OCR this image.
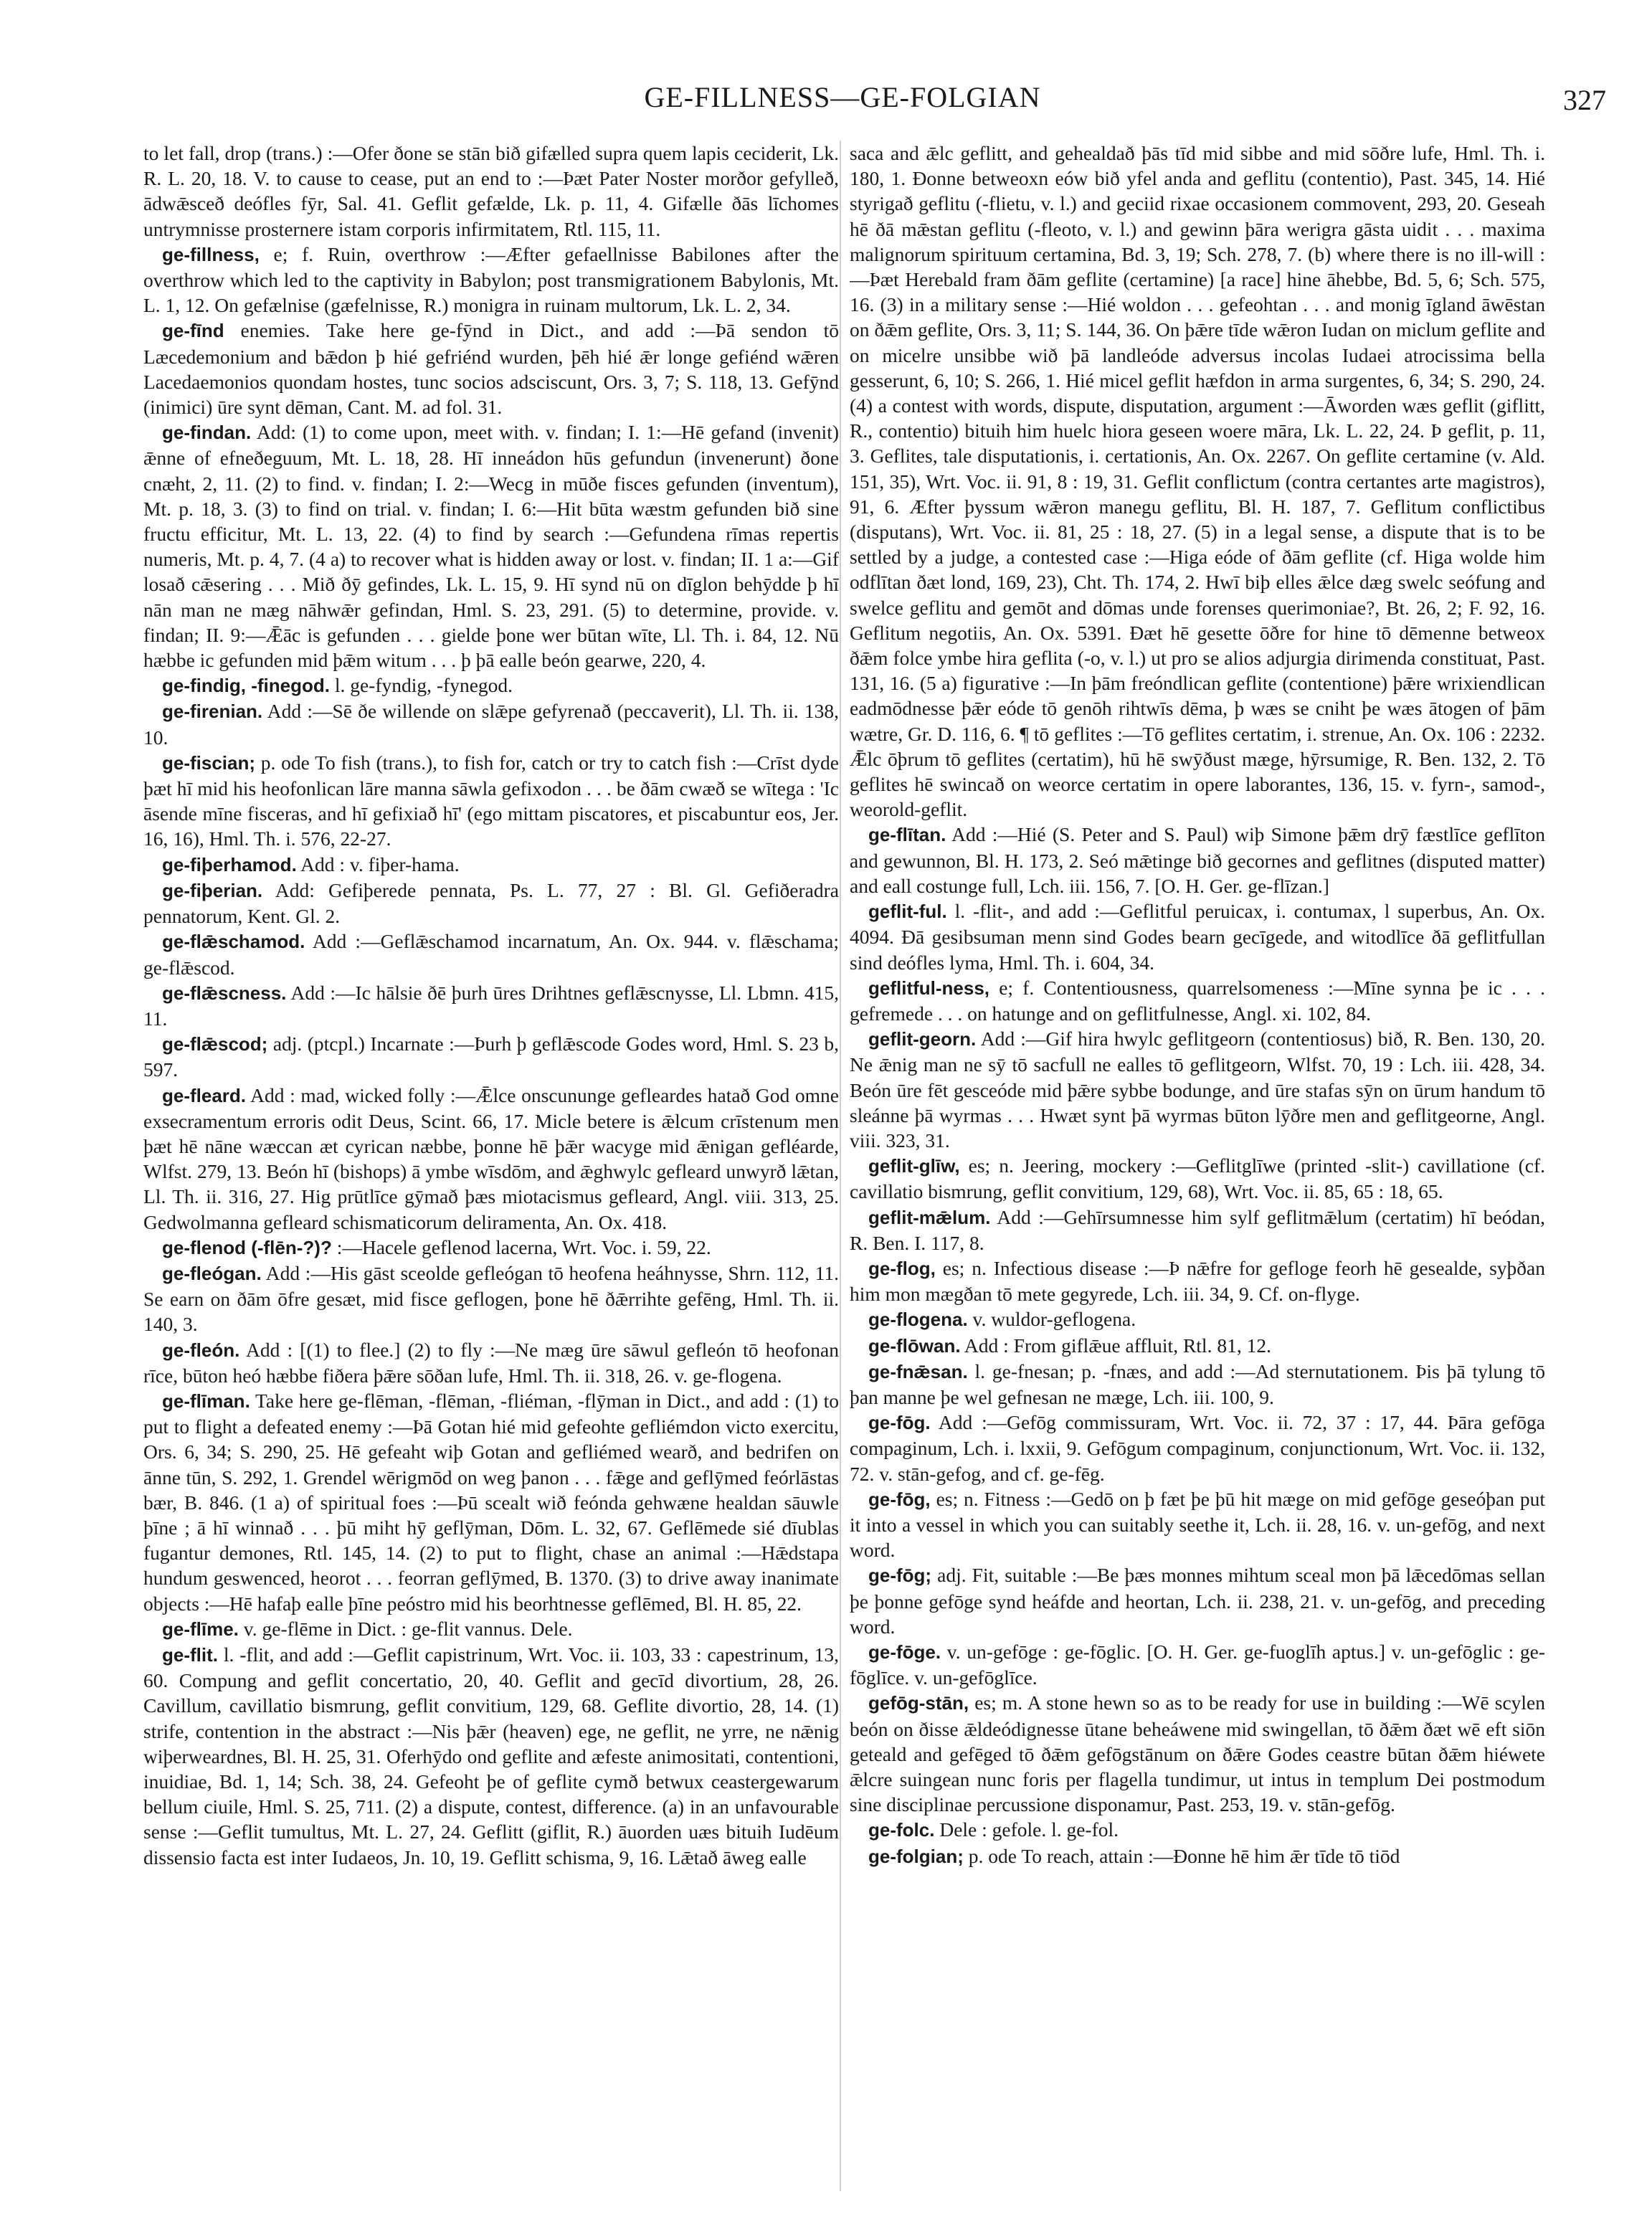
GE-FILLNESS—GE-FOLGIAN	327

to let fall, drop (trans.) :—Ofer ðone se stān bið gifælled supra quem lapis ceciderit, Lk. R. L. 20, 18. V. to cause to cease, put an end to :—Þæt Pater Noster morðor gefylleð, ādwǣsceð deófles fȳr, Sal. 41. Geflit gefælde, Lk. p. 11, 4. Gifælle ðās līchomes untrymnisse prosternere istam corporis infirmitatem, Rtl. 115, 11.

ge-fillness, e; f. Ruin, overthrow :—Æfter gefaellnisse Babilones after the overthrow which led to the captivity in Babylon; post transmigrationem Babylonis, Mt. L. 1, 12. On gefælnise (gæfelnisse, R.) monigra in ruinam multorum, Lk. L. 2, 34.

ge-fīnd enemies. Take here ge-fȳnd in Dict., and add :—Þā sendon tō Læcedemonium and bǣdon þ hié gefriénd wurden, þēh hié ǣr longe gefiénd wǣren Lacedaemonios quondam hostes, tunc socios adsciscunt, Ors. 3, 7; S. 118, 13. Gefȳnd (inimici) ūre synt dēman, Cant. M. ad fol. 31.

ge-findan. Add: (1) to come upon, meet with. v. findan; I. 1:—Hē gefand (invenit) ǣnne of efneðeguum, Mt. L. 18, 28. Hī inneádon hūs gefundun (invenerunt) ðone cnæht, 2, 11. (2) to find. v. findan; I. 2:—Wecg in mūðe fisces gefunden (inventum), Mt. p. 18, 3. (3) to find on trial. v. findan; I. 6:—Hit būta wæstm gefunden bið sine fructu efficitur, Mt. L. 13, 22. (4) to find by search :—Gefundena rīmas repertis numeris, Mt. p. 4, 7. (4 a) to recover what is hidden away or lost. v. findan; II. 1 a:—Gif losað cǣsering . . . Mið ðȳ gefindes, Lk. L. 15, 9. Hī synd nū on dīglon behȳdde þ hī nān man ne mæg nāhwǣr gefindan, Hml. S. 23, 291. (5) to determine, provide. v. findan; II. 9:—Ǣāc is gefunden . . . gielde þone wer būtan wīte, Ll. Th. i. 84, 12. Nū hæbbe ic gefunden mid þǣm witum . . . þ þā ealle beón gearwe, 220, 4.

ge-findig, -finegod. l. ge-fyndig, -fynegod.

ge-firenian. Add :—Sē ðe willende on slǣpe gefyrenað (peccaverit), Ll. Th. ii. 138, 10.

ge-fiscian; p. ode To fish (trans.), to fish for, catch or try to catch fish :—Crīst dyde þæt hī mid his heofonlican lāre manna sāwla gefixodon . . . be ðām cwæð se wītega : 'Ic āsende mīne fisceras, and hī gefixiað hī' (ego mittam piscatores, et piscabuntur eos, Jer. 16, 16), Hml. Th. i. 576, 22-27.

ge-fiþerhamod. Add : v. fiþer-hama.

ge-fiþerian. Add: Gefiþerede pennata, Ps. L. 77, 27 : Bl. Gl. Gefiðeradra pennatorum, Kent. Gl. 2.

ge-flǣschamod. Add :—Geflǣschamod incarnatum, An. Ox. 944. v. flǣschama; ge-flǣscod.

ge-flǣscness. Add :—Ic hālsie ðē þurh ūres Drihtnes geflǣscnysse, Ll. Lbmn. 415, 11.

ge-flǣscod; adj. (ptcpl.) Incarnate :—Þurh þ geflǣscode Godes word, Hml. S. 23 b, 597.

ge-fleard. Add : mad, wicked folly :—Ǣlce onscununge gefleardes hatað God omne exsecramentum erroris odit Deus, Scint. 66, 17. Micle betere is ǣlcum crīstenum men þæt hē nāne wæccan æt cyrican næbbe, þonne hē þǣr wacyge mid ǣnigan gefléarde, Wlfst. 279, 13. Beón hī (bishops) ā ymbe wīsdōm, and ǣghwylc gefleard unwyrð lǣtan, Ll. Th. ii. 316, 27. Hig prūtlīce gȳmað þæs miotacismus gefleard, Angl. viii. 313, 25. Gedwolmanna gefleard schismaticorum deliramenta, An. Ox. 418.

ge-flenod (-flēn-?)? :—Hacele geflenod lacerna, Wrt. Voc. i. 59, 22.

ge-fleógan. Add :—His gāst sceolde gefleógan tō heofena heáhnysse, Shrn. 112, 11. Se earn on ðām ōfre gesæt, mid fisce geflogen, þone hē ðǣrrihte gefēng, Hml. Th. ii. 140, 3.

ge-fleón. Add : [(1) to flee.] (2) to fly :—Ne mæg ūre sāwul gefleón tō heofonan rīce, būton heó hæbbe fiðera þǣre sōðan lufe, Hml. Th. ii. 318, 26. v. ge-flogena.

ge-flīman. Take here ge-flēman, -flēman, -fliéman, -flȳman in Dict., and add : (1) to put to flight a defeated enemy :—Þā Gotan hié mid gefeohte gefliémdon victo exercitu, Ors. 6, 34; S. 290, 25. Hē gefeaht wiþ Gotan and gefliémed wearð, and bedrifen on ānne tūn, S. 292, 1. Grendel wērigmōd on weg þanon . . . fǣge and geflȳmed feórlāstas bær, B. 846. (1 a) of spiritual foes :—Þū scealt wið feónda gehwæne healdan sāuwle þīne ; ā hī winnað . . . þū miht hȳ geflȳman, Dōm. L. 32, 67. Geflēmede sié dīublas fugantur demones, Rtl. 145, 14. (2) to put to flight, chase an animal :—Hǣdstapa hundum geswenced, heorot . . . feorran geflȳmed, B. 1370. (3) to drive away inanimate objects :—Hē hafaþ ealle þīne peóstro mid his beorhtnesse geflēmed, Bl. H. 85, 22.

ge-flīme. v. ge-flēme in Dict. : ge-flit vannus. Dele.

ge-flit. l. -flit, and add :—Geflit capistrinum, Wrt. Voc. ii. 103, 33 : capestrinum, 13, 60. Compung and geflit concertatio, 20, 40. Geflit and gecīd divortium, 28, 26. Cavillum, cavillatio bismrung, geflit convitium, 129, 68. Geflite divortio, 28, 14. (1) strife, contention in the abstract :—Nis þǣr (heaven) ege, ne geflit, ne yrre, ne nǣnig wiþerweardnes, Bl. H. 25, 31. Oferhȳdo ond geflite and æfeste animositati, contentioni, inuidiae, Bd. 1, 14; Sch. 38, 24. Gefeoht þe of geflite cymð betwux ceastergewarum bellum ciuile, Hml. S. 25, 711. (2) a dispute, contest, difference. (a) in an unfavourable sense :—Geflit tumultus, Mt. L. 27, 24. Geflitt (giflit, R.) āuorden uæs bituih Iudēum dissensio facta est inter Iudaeos, Jn. 10, 19. Geflitt schisma, 9, 16. Lǣtað āweg ealle

saca and ǣlc geflitt, and gehealdað þās tīd mid sibbe and mid sōðre lufe, Hml. Th. i. 180, 1. Ðonne betweoxn eów bið yfel anda and geflitu (contentio), Past. 345, 14. Hié styrigað geflitu (-flietu, v. l.) and geciid rixae occasionem commovent, 293, 20. Geseah hē ðā mǣstan geflitu (-fleoto, v. l.) and gewinn þāra werigra gāsta uidit . . . maxima malignorum spirituum certamina, Bd. 3, 19; Sch. 278, 7. (b) where there is no ill-will :—Þæt Herebald fram ðām geflite (certamine) [a race] hine āhebbe, Bd. 5, 6; Sch. 575, 16. (3) in a military sense :—Hié woldon . . . gefeohtan . . . and monig īgland āwēstan on ðǣm geflite, Ors. 3, 11; S. 144, 36. On þǣre tīde wǣron Iudan on miclum geflite and on micelre unsibbe wið þā landleóde adversus incolas Iudaei atrocissima bella gesserunt, 6, 10; S. 266, 1. Hié micel geflit hæfdon in arma surgentes, 6, 34; S. 290, 24. (4) a contest with words, dispute, disputation, argument :—Āworden wæs geflit (giflitt, R., contentio) bituih him huelc hiora geseen woere māra, Lk. L. 22, 24. Þ geflit, p. 11, 3. Geflites, tale disputationis, i. certationis, An. Ox. 2267. On geflite certamine (v. Ald. 151, 35), Wrt. Voc. ii. 91, 8 : 19, 31. Geflit conflictum (contra certantes arte magistros), 91, 6. Æfter þyssum wǣron manegu geflitu, Bl. H. 187, 7. Geflitum conflictibus (disputans), Wrt. Voc. ii. 81, 25 : 18, 27. (5) in a legal sense, a dispute that is to be settled by a judge, a contested case :—Higa eóde of ðām geflite (cf. Higa wolde him odflītan ðæt lond, 169, 23), Cht. Th. 174, 2. Hwī biþ elles ǣlce dæg swelc seófung and swelce geflitu and gemōt and dōmas unde forenses querimoniae?, Bt. 26, 2; F. 92, 16. Geflitum negotiis, An. Ox. 5391. Ðæt hē gesette ōðre for hine tō dēmenne betweox ðǣm folce ymbe hira geflita (-o, v. l.) ut pro se alios adjurgia dirimenda constituat, Past. 131, 16. (5 a) figurative :—In þām freóndlican geflite (contentione) þǣre wrixiendlican eadmōdnesse þǣr eóde tō genōh rihtwīs dēma, þ wæs se cniht þe wæs ātogen of þām wætre, Gr. D. 116, 6. ¶ tō geflites :—Tō geflites certatim, i. strenue, An. Ox. 106 : 2232. Ǣlc ōþrum tō geflites (certatim), hū hē swȳðust mæge, hȳrsumige, R. Ben. 132, 2. Tō geflites hē swincað on weorce certatim in opere laborantes, 136, 15. v. fyrn-, samod-, weorold-geflit.

ge-flītan. Add :—Hié (S. Peter and S. Paul) wiþ Simone þǣm drȳ fæstlīce geflīton and gewunnon, Bl. H. 173, 2. Seó mǣtinge bið gecornes and geflitnes (disputed matter) and eall costunge full, Lch. iii. 156, 7. [O. H. Ger. ge-flīzan.]

geflit-ful. l. -flit-, and add :—Geflitful peruicax, i. contumax, l superbus, An. Ox. 4094. Ðā gesibsuman menn sind Godes bearn gecīgede, and witodlīce ðā geflitfullan sind deófles lyma, Hml. Th. i. 604, 34.

geflitful-ness, e; f. Contentiousness, quarrelsomeness :—Mīne synna þe ic . . . gefremede . . . on hatunge and on geflitfulnesse, Angl. xi. 102, 84.

geflit-georn. Add :—Gif hira hwylc geflitgeorn (contentiosus) bið, R. Ben. 130, 20. Ne ǣnig man ne sȳ tō sacfull ne ealles tō geflitgeorn, Wlfst. 70, 19 : Lch. iii. 428, 34. Beón ūre fēt gesceóde mid þǣre sybbe bodunge, and ūre stafas sȳn on ūrum handum tō sleánne þā wyrmas . . . Hwæt synt þā wyrmas būton lȳðre men and geflitgeorne, Angl. viii. 323, 31.

geflit-glīw, es; n. Jeering, mockery :—Geflitglīwe (printed -slit-) cavillatione (cf. cavillatio bismrung, geflit convitium, 129, 68), Wrt. Voc. ii. 85, 65 : 18, 65.

geflit-mǣlum. Add :—Gehīrsumnesse him sylf geflitmǣlum (certatim) hī beódan, R. Ben. I. 117, 8.

ge-flog, es; n. Infectious disease :—Þ nǣfre for gefloge feorh hē gesealde, syþðan him mon mægðan tō mete gegyrede, Lch. iii. 34, 9. Cf. on-flyge.

ge-flogena. v. wuldor-geflogena.

ge-flōwan. Add : From giflǣue affluit, Rtl. 81, 12.

ge-fnǣsan. l. ge-fnesan; p. -fnæs, and add :—Ad sternutationem. Þis þā tylung tō þan manne þe wel gefnesan ne mæge, Lch. iii. 100, 9.

ge-fōg. Add :—Gefōg commissuram, Wrt. Voc. ii. 72, 37 : 17, 44. Þāra gefōga compaginum, Lch. i. lxxii, 9. Gefōgum compaginum, conjunctionum, Wrt. Voc. ii. 132, 72. v. stān-gefog, and cf. ge-fēg.

ge-fōg, es; n. Fitness :—Gedō on þ fæt þe þū hit mæge on mid gefōge geseóþan put it into a vessel in which you can suitably seethe it, Lch. ii. 28, 16. v. un-gefōg, and next word.

ge-fōg; adj. Fit, suitable :—Be þæs monnes mihtum sceal mon þā lǣcedōmas sellan þe þonne gefōge synd heáfde and heortan, Lch. ii. 238, 21. v. un-gefōg, and preceding word.

ge-fōge. v. un-gefōge : ge-fōglic. [O. H. Ger. ge-fuoglīh aptus.] v. un-gefōglic : ge-fōglīce. v. un-gefōglīce.

gefōg-stān, es; m. A stone hewn so as to be ready for use in building :—Wē scylen beón on ðisse ǣldeódignesse ūtane beheáwene mid swingellan, tō ðǣm ðæt wē eft siōn geteald and gefēged tō ðǣm gefōgstānum on ðǣre Godes ceastre būtan ðǣm hiéwete ǣlcre suingean nunc foris per flagella tundimur, ut intus in templum Dei postmodum sine disciplinae percussione disponamur, Past. 253, 19. v. stān-gefōg.

ge-folc. Dele : gefole. l. ge-fol.

ge-folgian; p. ode To reach, attain :—Ðonne hē him ǣr tīde tō tiōd
